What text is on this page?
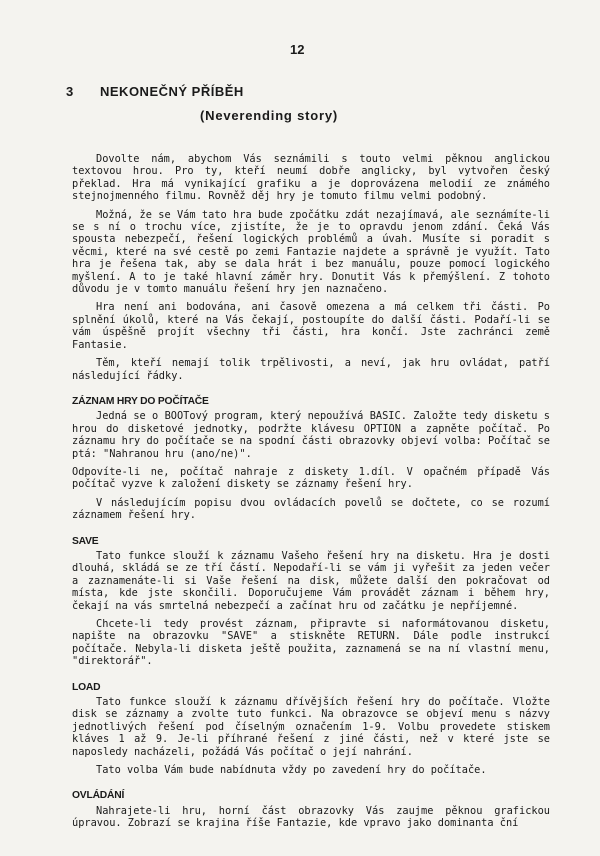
12
3 NEKONEČNÝ PŘÍBĚH
(Neverending story)

Dovolte nám, abychom Vás seznámili s touto velmi pěknou anglickou textovou hrou. Pro ty, kteří neumí dobře anglicky, byl vytvořen český překlad. Hra má vynikající grafiku a je doprovázena melodií ze známého stejnojmenného filmu. Rovněž děj hry je tomuto filmu velmi podobný.

Možná, že se Vám tato hra bude zpočátku zdát nezajímavá, ale seznámíte-li se s ní o trochu více, zjistíte, že je to opravdu jenom zdání. Čeká Vás spousta nebezpečí, řešení logických problémů a úvah. Musíte si poradit s věcmi, které na své cestě po zemi Fantazie najdete a správně je využít. Tato hra je řešena tak, aby se dala hrát i bez manuálu, pouze pomocí logického myšlení. A to je také hlavní záměr hry. Donutit Vás k přemýšlení. Z tohoto důvodu je v tomto manuálu řešení hry jen naznačeno.

Hra není ani bodována, ani časově omezena a má celkem tři části. Po splnění úkolů, které na Vás čekají, postoupíte do další části. Podaří-li se vám úspěšně projít všechny tři části, hra končí. Jste zachránci země Fantasie.

Těm, kteří nemají tolik trpělivosti, a neví, jak hru ovládat, patří následující řádky.

ZÁZNAM HRY DO POČÍTAČE

Jedná se o BOOTový program, který nepoužívá BASIC. Založte tedy disketu s hrou do disketové jednotky, podržte klávesu OPTION a zapněte počítač. Po záznamu hry do počítače se na spodní části obrazovky objeví volba: Počítač se ptá: "Nahranou hru (ano/ne)".

Odpovíte-li ne, počítač nahraje z diskety 1.díl. V opačném případě Vás počítač vyzve k založení diskety se záznamy řešení hry.

V následujícím popisu dvou ovládacích povelů se dočtete, co se rozumí záznamem řešení hry.

SAVE

Tato funkce slouží k záznamu Vašeho řešení hry na disketu. Hra je dosti dlouhá, skládá se ze tří částí. Nepodaří-li se vám ji vyřešit za jeden večer a zaznamenáte-li si Vaše řešení na disk, můžete další den pokračovat od místa, kde jste skončili. Doporučujeme Vám provádět záznam i během hry, čekají na vás smrtelná nebezpečí a začínat hru od začátku je nepříjemné.

Chcete-li tedy provést záznam, připravte si naformátovanou disketu, napište na obrazovku "SAVE" a stiskněte RETURN. Dále podle instrukcí počítače. Nebyla-li disketa ještě použita, zaznamená se na ní vlastní menu, "direktorář".

LOAD

Tato funkce slouží k záznamu dřívějších řešení hry do počítače. Vložte disk se záznamy a zvolte tuto funkci. Na obrazovce se objeví menu s názvy jednotlivých řešení pod číselným označením 1-9. Volbu provedete stiskem kláves 1 až 9. Je-li příhrané řešení z jiné části, než v které jste se naposledy nacházeli, požádá Vás počítač o její nahrání.

Tato volba Vám bude nabídnuta vždy po zavedení hry do počítače.

OVLÁDÁNÍ

Nahrajete-li hru, horní část obrazovky Vás zaujme pěknou grafickou úpravou. Zobrazí se krajina říše Fantazie, kde vpravo jako dominanta ční
